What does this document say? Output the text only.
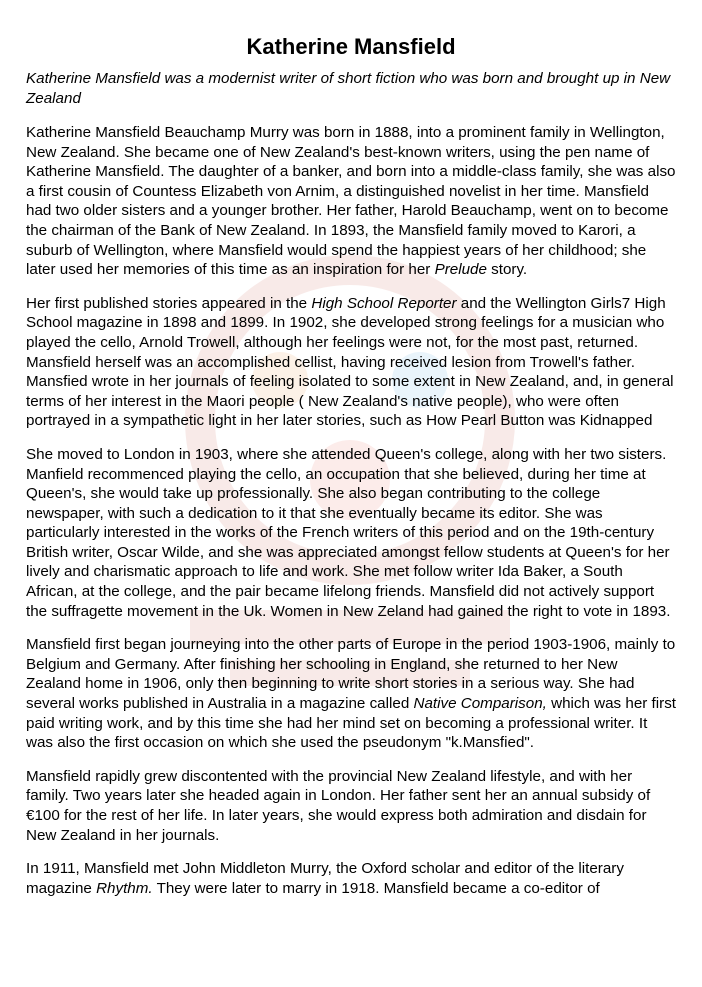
Katherine Mansfield
Katherine Mansfield was a modernist writer of short fiction who was born and brought up in New Zealand

Katherine Mansfield Beauchamp Murry was born in 1888, into a prominent family in Wellington, New Zealand. She became one of New Zealand's best-known writers, using the pen name of Katherine Mansfield. The daughter of a banker, and born into a middle-class family, she was also a first cousin of Countess Elizabeth von Arnim, a distinguished novelist in her time. Mansfield had two older sisters and a younger brother. Her father, Harold Beauchamp, went on to become the chairman of the Bank of New Zealand. In 1893, the Mansfield family moved to Karori, a suburb of Wellington, where Mansfield would spend the happiest years of her childhood; she later used her memories of this time as an inspiration for her Prelude story.

Her first published stories appeared in the High School Reporter and the Wellington Girls7 High School magazine in 1898 and 1899. In 1902, she developed strong feelings for a musician who played the cello, Arnold Trowell, although her feelings were not, for the most past, returned. Mansfield herself was an accomplished cellist, having received lesion from Trowell's father. Mansfied wrote in her journals of feeling isolated to some extent in New Zealand, and, in general terms of her interest in the Maori people ( New Zealand's native people), who were often portrayed in a sympathetic light in her later stories, such as How Pearl Button was Kidnapped

She moved to London in 1903, where she attended Queen's college, along with her two sisters. Manfield recommenced playing the cello, an occupation that she believed, during her time at Queen's, she would take up professionally. She also began contributing to the college newspaper, with such a dedication to it that she eventually became its editor. She was particularly interested in the works of the French writers of this period and on the 19th-century British writer, Oscar Wilde, and she was appreciated amongst fellow students at Queen's for her lively and charismatic approach to life and work. She met follow writer Ida Baker, a South African, at the college, and the pair became lifelong friends. Mansfield did not actively support the suffragette movement in the Uk. Women in New Zeland had gained the right to vote in 1893.

Mansfield first began journeying into the other parts of Europe in the period 1903-1906, mainly to Belgium and Germany. After finishing her schooling in England, she returned to her New Zealand home in 1906, only then beginning to write short stories in a serious way. She had several works published in Australia in a magazine called Native Comparison, which was her first paid writing work, and by this time she had her mind set on becoming a professional writer. It was also the first occasion on which she used the pseudonym "k.Mansfied".

Mansfield rapidly grew discontented with the provincial New Zealand lifestyle, and with her family. Two years later she headed again in London. Her father sent her an annual subsidy of €100 for the rest of her life. In later years, she would express both admiration and disdain for New Zealand in her journals.

In 1911, Mansfield met John Middleton Murry, the Oxford scholar and editor of the literary magazine Rhythm. They were later to marry in 1918. Mansfield became a co-editor of
